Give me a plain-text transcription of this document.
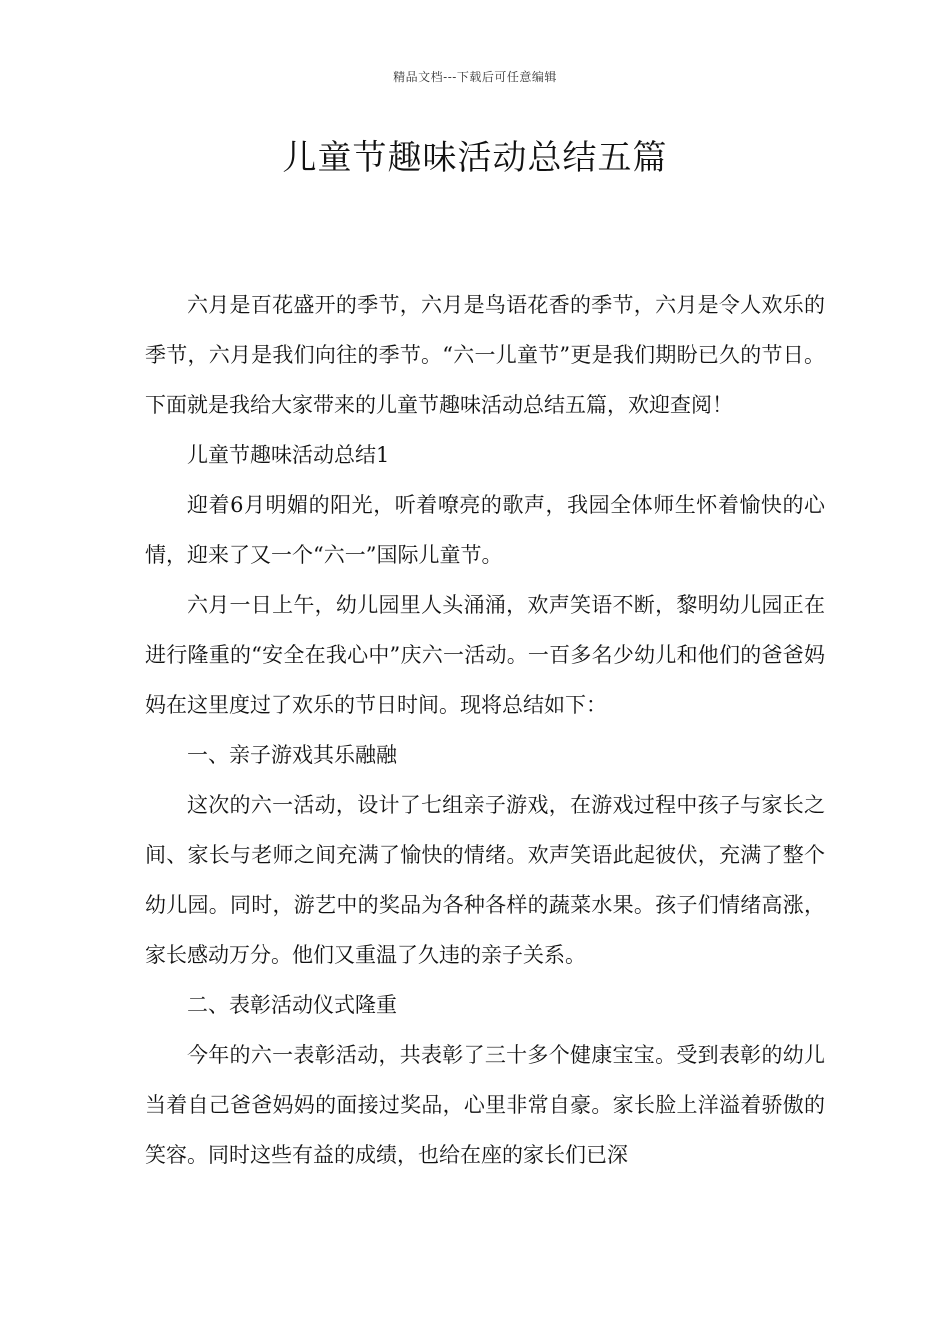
精品文档---下载后可任意编辑
儿童节趣味活动总结五篇

六月是百花盛开的季节，六月是鸟语花香的季节，六月是令人欢乐的季节，六月是我们向往的季节。“六一儿童节”更是我们期盼已久的节日。下面就是我给大家带来的儿童节趣味活动总结五篇，欢迎查阅！

儿童节趣味活动总结1

迎着6月明媚的阳光，听着嘹亮的歌声，我园全体师生怀着愉快的心情，迎来了又一个“六一”国际儿童节。

六月一日上午，幼儿园里人头涌涌，欢声笑语不断，黎明幼儿园正在进行隆重的“安全在我心中”庆六一活动。一百多名少幼儿和他们的爸爸妈妈在这里度过了欢乐的节日时间。现将总结如下：

一、亲子游戏其乐融融

这次的六一活动，设计了七组亲子游戏，在游戏过程中孩子与家长之间、家长与老师之间充满了愉快的情绪。欢声笑语此起彼伏，充满了整个幼儿园。同时，游艺中的奖品为各种各样的蔬菜水果。孩子们情绪高涨，家长感动万分。他们又重温了久违的亲子关系。

二、表彰活动仪式隆重

今年的六一表彰活动，共表彰了三十多个健康宝宝。受到表彰的幼儿当着自己爸爸妈妈的面接过奖品，心里非常自豪。家长脸上洋溢着骄傲的笑容。同时这些有益的成绩，也给在座的家长们已深
